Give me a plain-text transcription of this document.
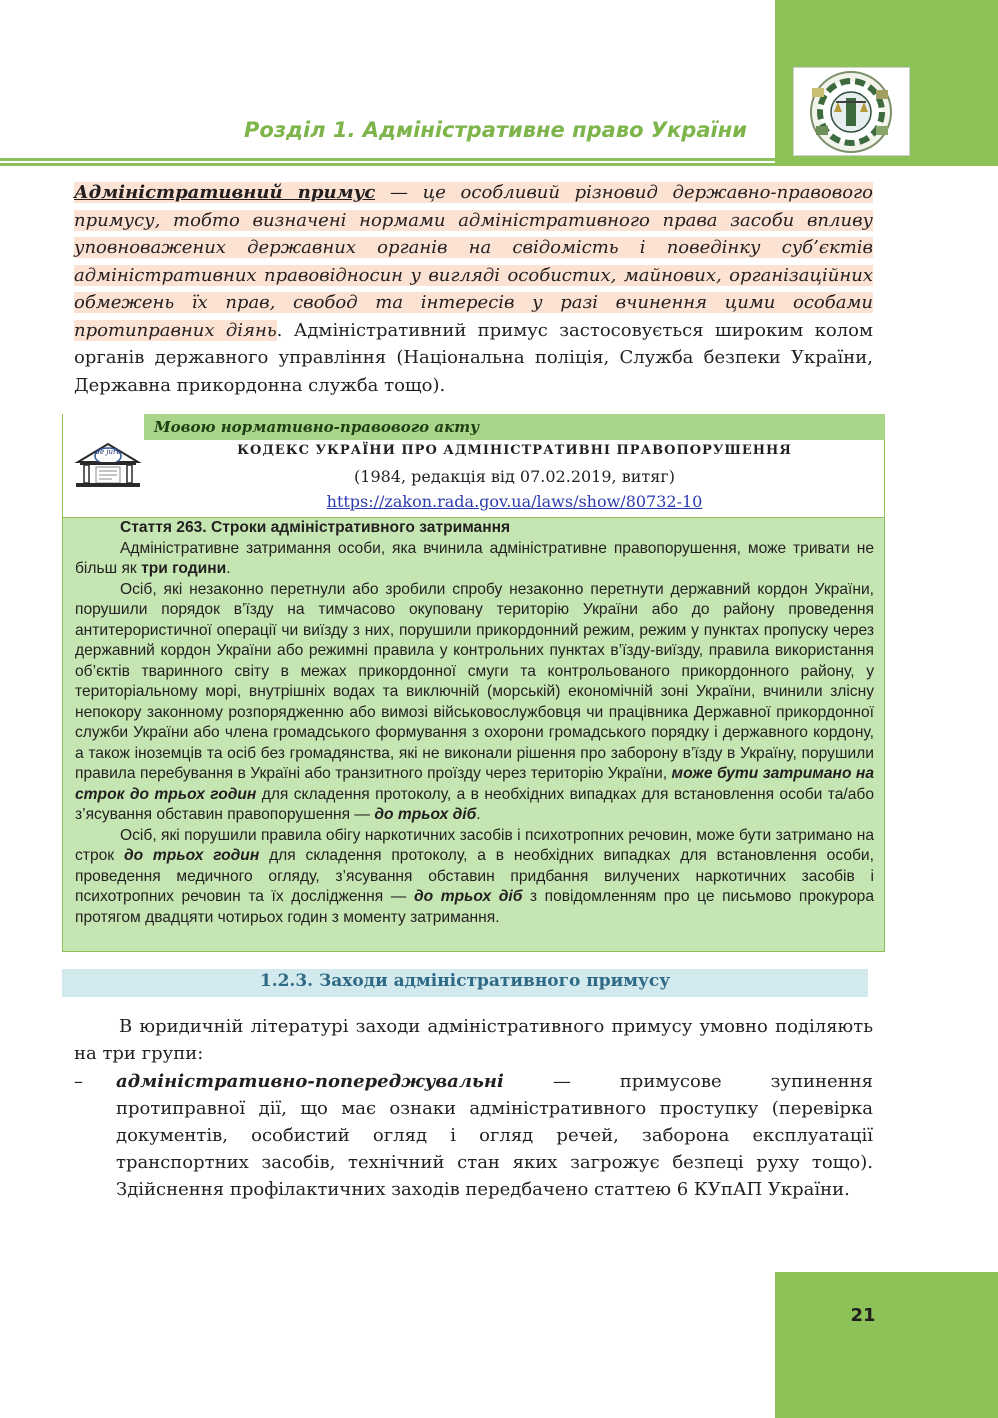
Розділ 1. Адміністративне право України
Адміністративний примус — це особливий різновид державно-правового примусу, тобто визначені нормами адміністративного права засоби впливу уповноважених державних органів на свідомість і поведінку суб’єктів адміністративних правовідносин у вигляді особистих, майнових, організаційних обмежень їх прав, свобод та інтересів у разі вчинення цими особами протиправних діянь. Адміністративний примус застосовується широким колом органів державного управління (Національна поліція, Служба безпеки України, Державна прикордонна служба тощо).
Мовою нормативно-правового акту
de jure	КОДЕКС УКРАЇНИ ПРО АДМІНІСТРАТИВНІ ПРАВОПОРУШЕННЯ
(1984, редакція від 07.02.2019, витяг)
https://zakon.rada.gov.ua/laws/show/80732-10

Стаття 263. Строки адміністративного затримання

Адміністративне затримання особи, яка вчинила адміністративне правопорушення, може тривати не більш як три години.

Осіб, які незаконно перетнули або зробили спробу незаконно перетнути державний кордон України, порушили порядок в’їзду на тимчасово окуповану територію України або до району проведення антитерористичної операції чи виїзду з них, порушили прикордонний режим, режим у пунктах пропуску через державний кордон України або режимні правила у контрольних пунктах в’їзду-виїзду, правила використання об’єктів тваринного світу в межах прикордонної смуги та контрольованого прикордонного району, у територіальному морі, внутрішніх водах та виключній (морській) економічній зоні України, вчинили злісну непокору законному розпорядженню або вимозі військовослужбовця чи працівника Державної прикордонної служби України або члена громадського формування з охорони громадського порядку і державного кордону, а також іноземців та осіб без громадянства, які не виконали рішення про заборону в’їзду в Україну, порушили правила перебування в Україні або транзитного проїзду через територію України, може бути затримано на строк до трьох годин для складення протоколу, а в необхідних випадках для встановлення особи та/або з’ясування обставин правопорушення — до трьох діб.

Осіб, які порушили правила обігу наркотичних засобів і психотропних речовин, може бути затримано на строк до трьох годин для складення протоколу, а в необхідних випадках для встановлення особи, проведення медичного огляду, з’ясування обставин придбання вилучених наркотичних засобів і психотропних речовин та їх дослідження — до трьох діб з повідомленням про це письмово прокурора протягом двадцяти чотирьох годин з моменту затримання.

1.2.3. Заходи адміністративного примусу
В юридичній літературі заходи адміністративного примусу умовно поділяють на три групи:
–	адміністративно-попереджувальні — примусове зупинення протиправної дії, що має ознаки адміністративного проступку (перевірка документів, особистий огляд і огляд речей, заборона експлуатації транспортних засобів, технічний стан яких загрожує безпеці руху тощо). Здійснення профілактичних заходів передбачено статтею 6 КУпАП України.
21
